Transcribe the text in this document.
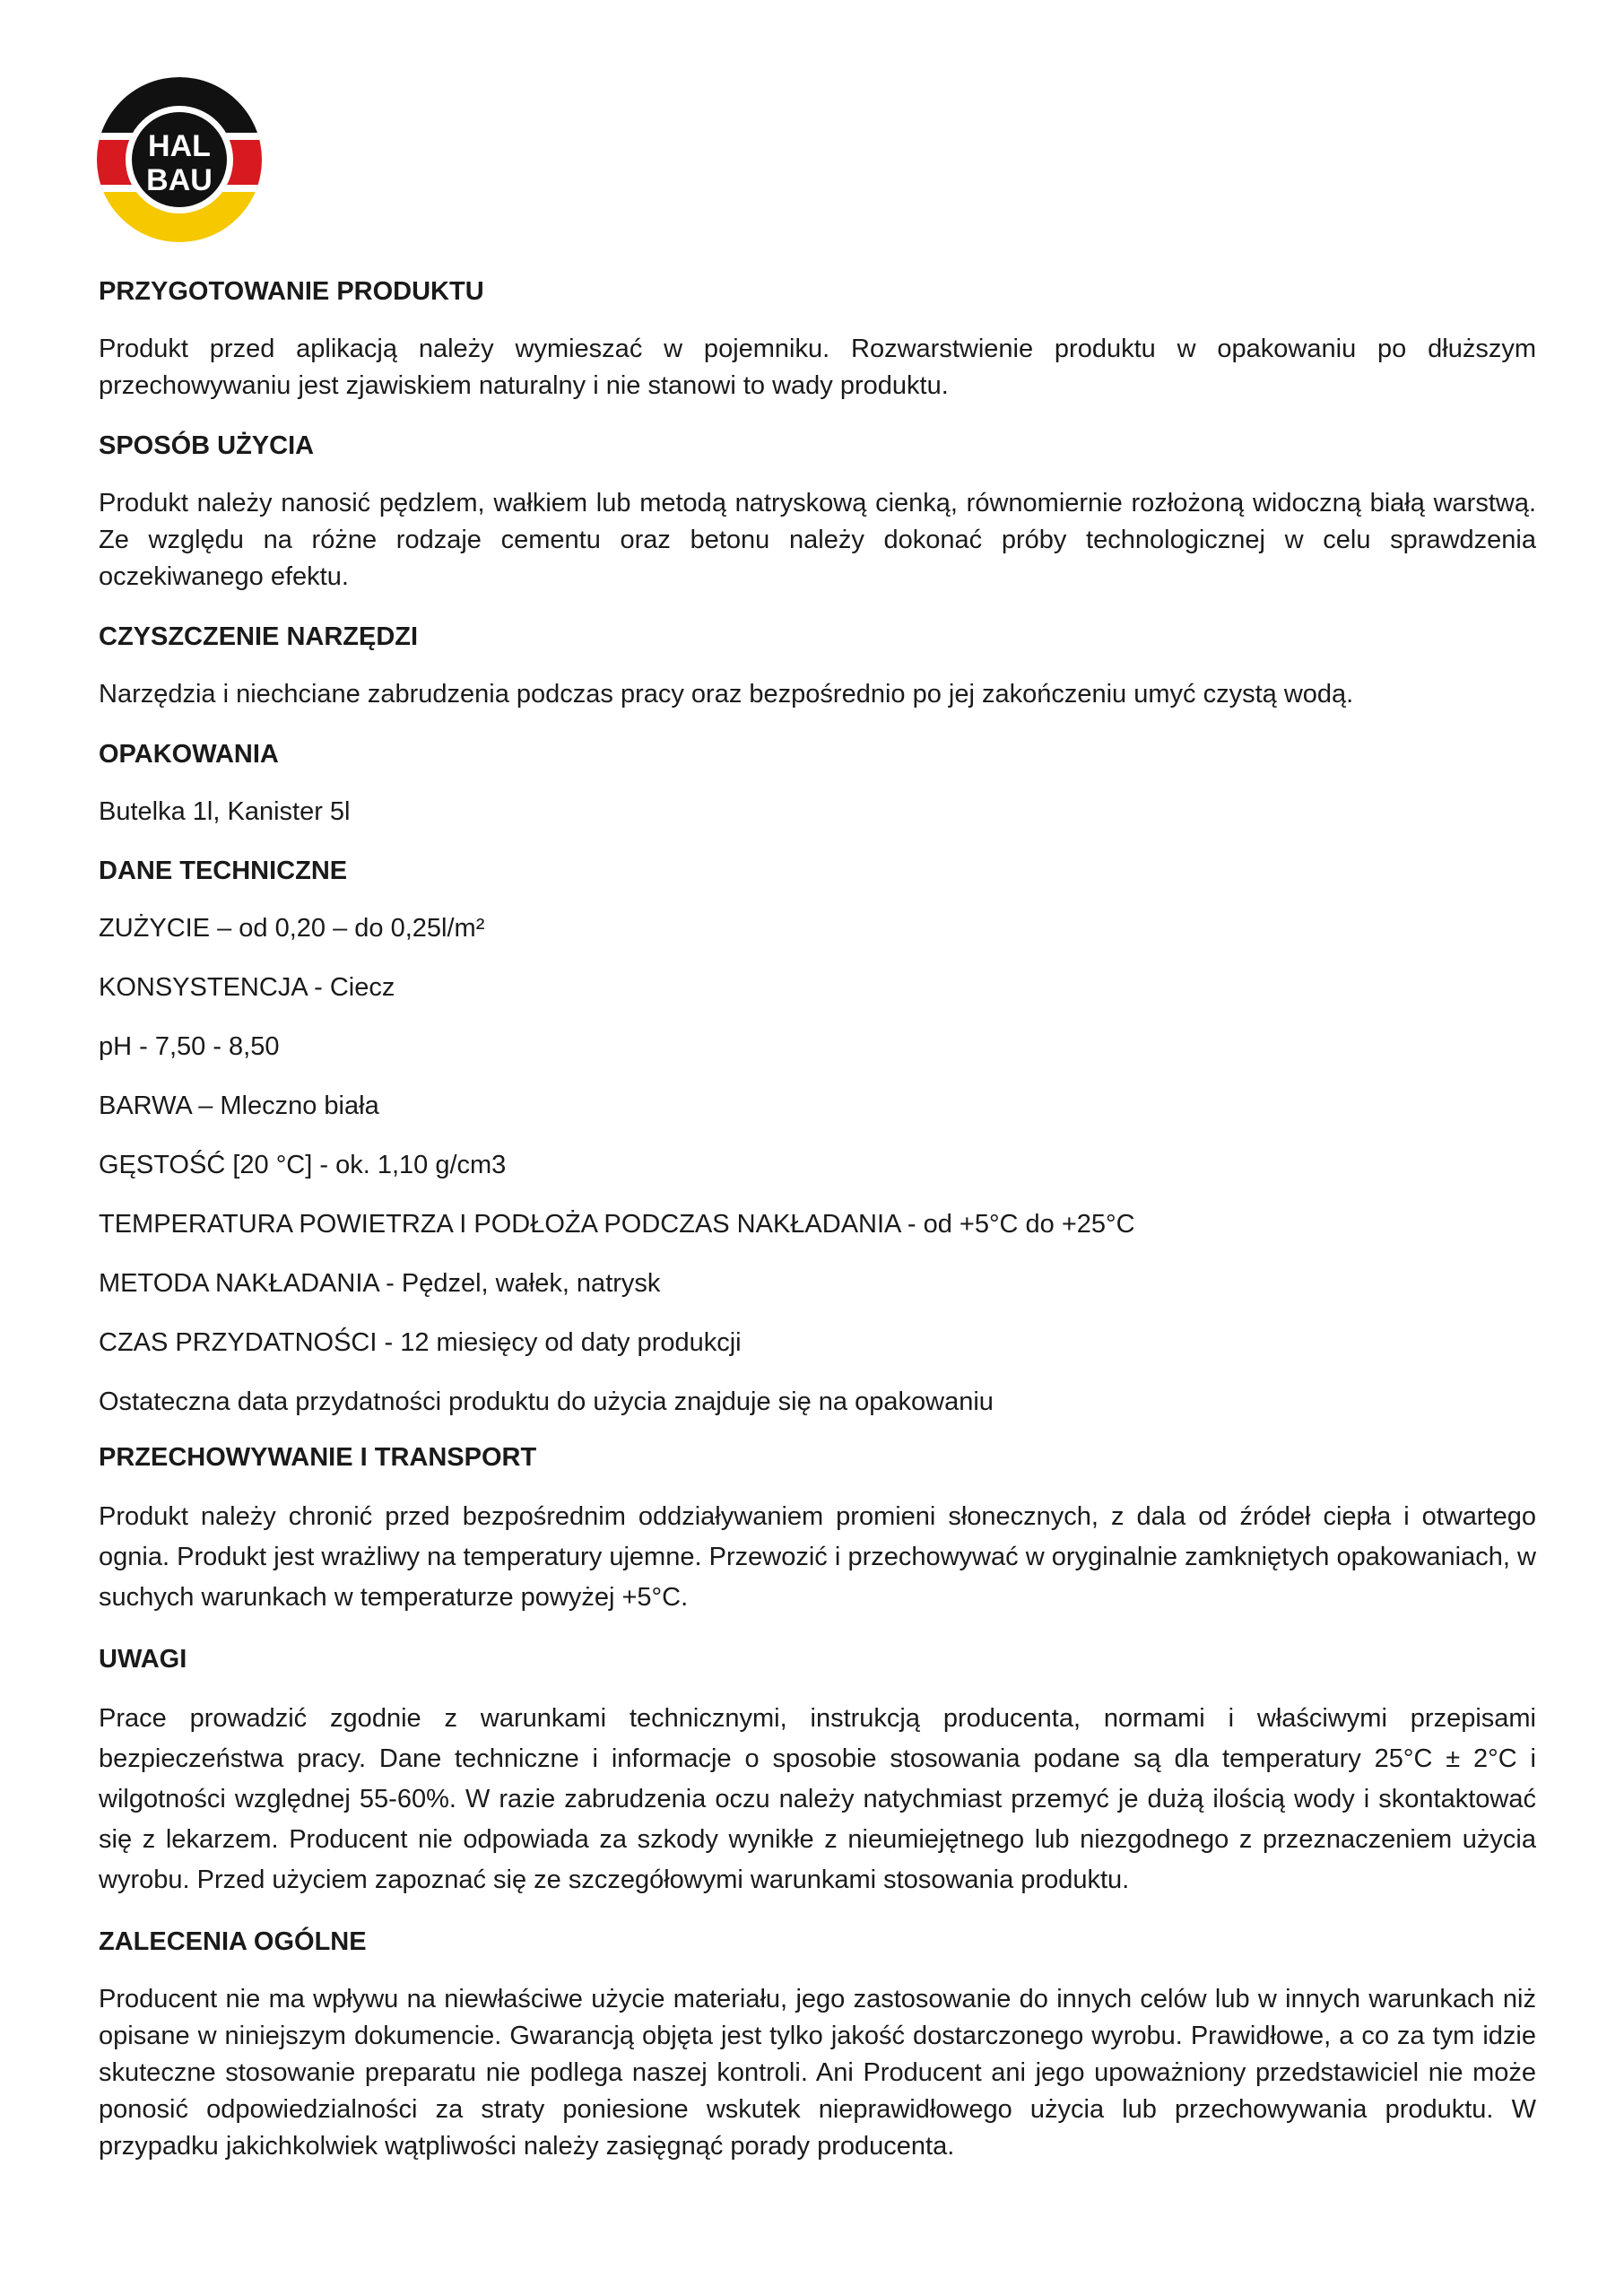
HAL
BAU
PRZYGOTOWANIE PRODUKTU
Produkt przed aplikacją należy wymieszać w pojemniku. Rozwarstwienie produktu w opakowaniu po dłuższym przechowywaniu jest zjawiskiem naturalny i nie stanowi to wady produktu.
SPOSÓB UŻYCIA
Produkt należy nanosić pędzlem, wałkiem lub metodą natryskową cienką, równomiernie rozłożoną widoczną białą warstwą. Ze względu na różne rodzaje cementu oraz betonu należy dokonać próby technologicznej w celu sprawdzenia oczekiwanego efektu.
CZYSZCZENIE NARZĘDZI
Narzędzia i niechciane zabrudzenia podczas pracy oraz bezpośrednio po jej zakończeniu umyć czystą wodą.
OPAKOWANIA
Butelka 1l, Kanister 5l
DANE TECHNICZNE
ZUŻYCIE – od 0,20 – do 0,25l/m²
KONSYSTENCJA - Ciecz
pH - 7,50 - 8,50
BARWA – Mleczno biała
GĘSTOŚĆ [20 °C] - ok. 1,10 g/cm3
TEMPERATURA POWIETRZA I PODŁOŻA PODCZAS NAKŁADANIA - od +5°C do +25°C
METODA NAKŁADANIA - Pędzel, wałek, natrysk
CZAS PRZYDATNOŚCI - 12 miesięcy od daty produkcji
Ostateczna data przydatności produktu do użycia znajduje się na opakowaniu
PRZECHOWYWANIE I TRANSPORT
Produkt należy chronić przed bezpośrednim oddziaływaniem promieni słonecznych, z dala od źródeł ciepła i otwartego ognia. Produkt jest wrażliwy na temperatury ujemne. Przewozić i przechowywać w oryginalnie zamkniętych opakowaniach, w suchych warunkach w temperaturze powyżej +5°C.
UWAGI
Prace prowadzić zgodnie z warunkami technicznymi, instrukcją producenta, normami i właściwymi przepisami bezpieczeństwa pracy. Dane techniczne i informacje o sposobie stosowania podane są dla temperatury 25°C ± 2°C i wilgotności względnej 55-60%. W razie zabrudzenia oczu należy natychmiast przemyć je dużą ilością wody i skontaktować się z lekarzem. Producent nie odpowiada za szkody wynikłe z nieumiejętnego lub niezgodnego z przeznaczeniem użycia wyrobu. Przed użyciem zapoznać się ze szczegółowymi warunkami stosowania produktu.
ZALECENIA OGÓLNE
Producent nie ma wpływu na niewłaściwe użycie materiału, jego zastosowanie do innych celów lub w innych warunkach niż opisane w niniejszym dokumencie. Gwarancją objęta jest tylko jakość dostarczonego wyrobu. Prawidłowe, a co za tym idzie skuteczne stosowanie preparatu nie podlega naszej kontroli. Ani Producent ani jego upoważniony przedstawiciel nie może ponosić odpowiedzialności za straty poniesione wskutek nieprawidłowego użycia lub przechowywania produktu. W przypadku jakichkolwiek wątpliwości należy zasięgnąć porady producenta.
